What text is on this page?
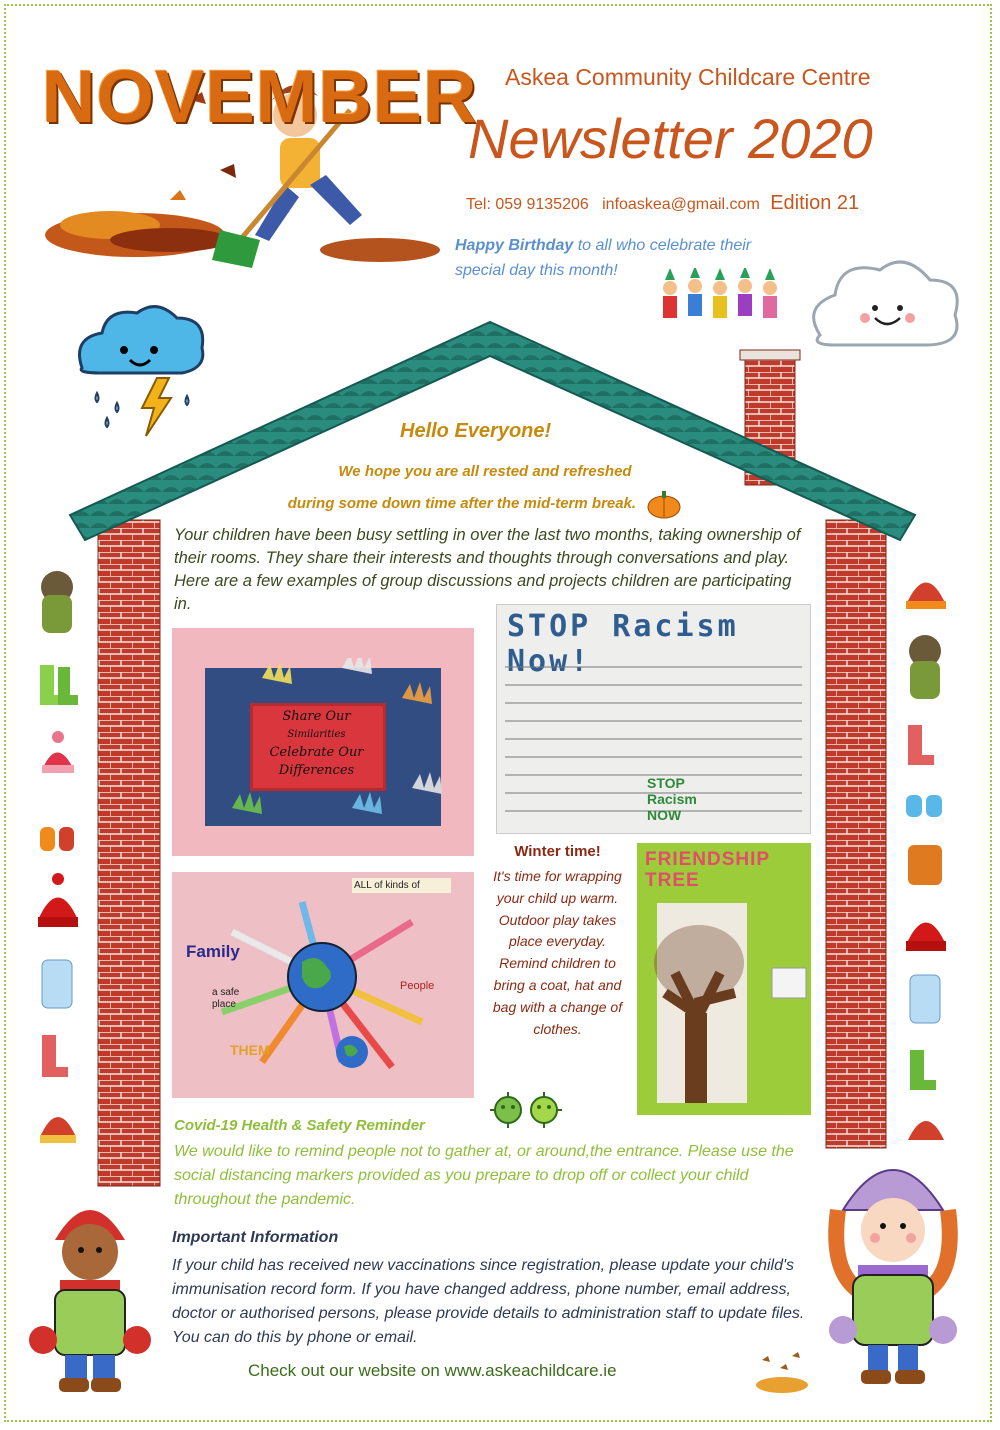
NOVEMBER Askea Community Childcare Centre
Newsletter 2020
Tel: 059 9135206 infoaskea@gmail.com Edition 21
Happy Birthday to all who celebrate their special day this month!
Hello Everyone!
We hope you are all rested and refreshed
during some down time after the mid-term break.
Your children have been busy settling in over the last two months, taking ownership of their rooms. They share their interests and thoughts through conversations and play. Here are a few examples of group discussions and projects children are participating in.
Share Our
Similarities
Celebrate Our
Differences
STOP Racism Now!
STOP
Racism
NOW
Family
a safe place
ALL of kinds of
People
THEM
FRIENDSHIP TREE
Winter time!
It's time for wrapping your child up warm. Outdoor play takes place everyday. Remind children to bring a coat, hat and bag with a change of clothes.
Covid-19 Health & Safety Reminder
We would like to remind people not to gather at, or around,the entrance. Please use the social distancing markers provided as you prepare to drop off or collect your child throughout the pandemic.
Important Information
If your child has received new vaccinations since registration, please update your child's immunisation record form. If you have changed address, phone number, email address, doctor or authorised persons, please provide details to administration staff to update files. You can do this by phone or email.
Check out our website on www.askeachildcare.ie
